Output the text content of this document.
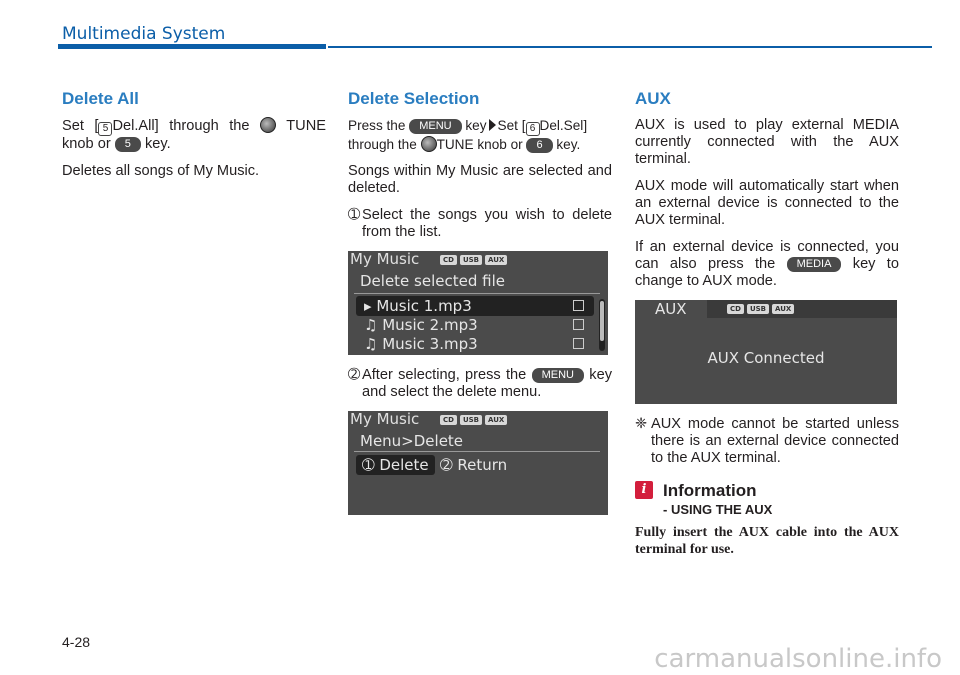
Multimedia System
Delete All

Set [ 5 Del.All] through the	TUNE knob or 5 key.

Deletes all songs of My Music.

Delete Selection

Press the MENU key Set [ 6 Del.Sel] through the TUNE knob or 6 key.

Songs within My Music are selected and deleted.

➀ Select the songs you wish to delete from the list.
My Music	CD	USB	AUX
Delete selected file
▸ Music 1.mp3
♫ Music 2.mp3
♫ Music 3.mp3
➁ After selecting, press the MENU key and select the delete menu.
My Music	CD	USB	AUX
Menu>Delete
➀ Delete ➁ Return
AUX

AUX is used to play external MEDIA currently connected with the AUX terminal.

AUX mode will automatically start when an external device is connected to the AUX terminal.

If an external device is connected, you can also press the MEDIA key to change to AUX mode.

AUX	CD	USB	AUX
AUX Connected
❈ AUX mode cannot be started unless there is an external device connected to the AUX terminal.
i Information
- USING THE AUX
Fully insert the AUX cable into the AUX terminal for use.
4-28
carmanualsonline.info
